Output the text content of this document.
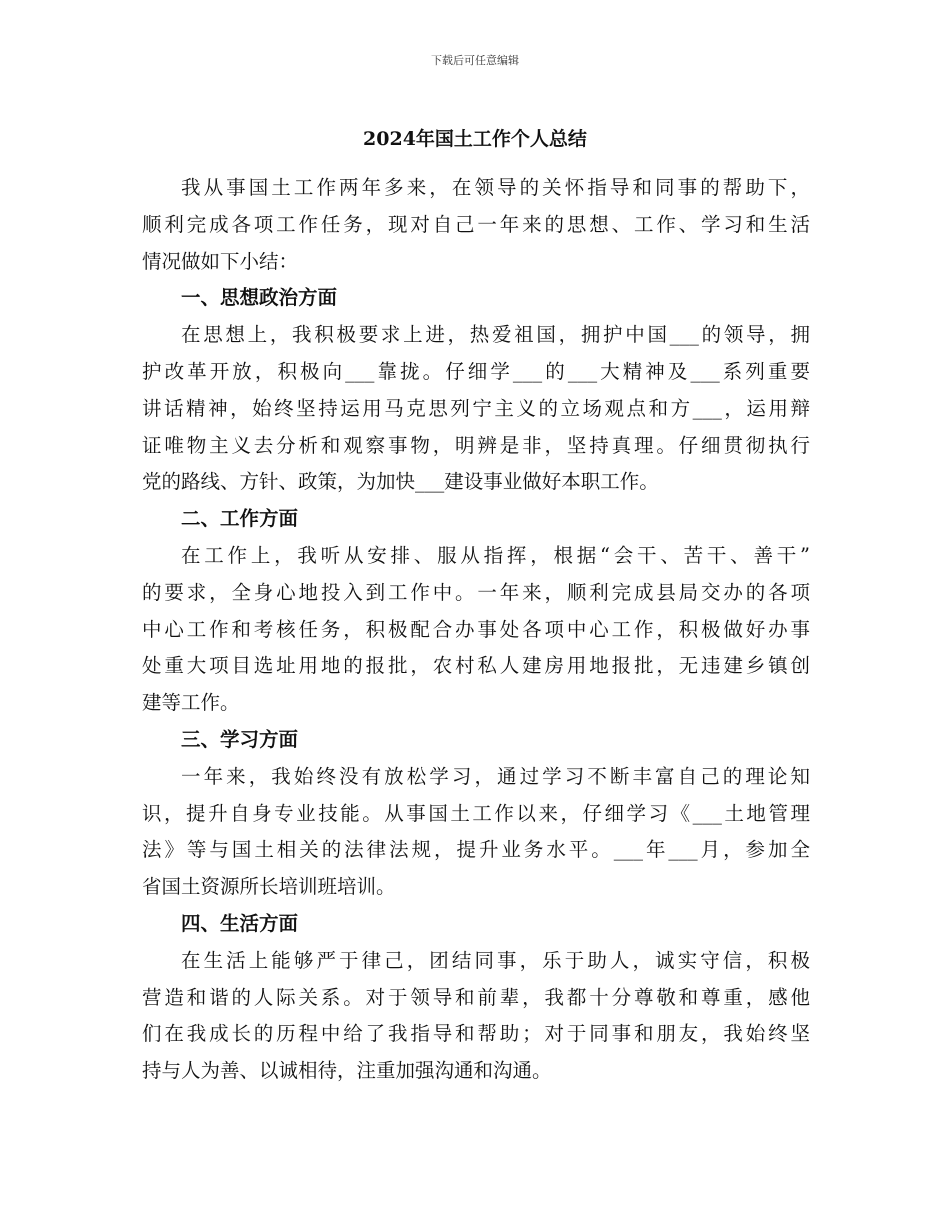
下载后可任意编辑
2024年国土工作个人总结
我从事国土工作两年多来，在领导的关怀指导和同事的帮助下，
顺利完成各项工作任务，现对自己一年来的思想、工作、学习和生活
情况做如下小结：
一、思想政治方面
在思想上，我积极要求上进，热爱祖国，拥护中国___的领导，拥
护改革开放，积极向___靠拢。仔细学___的___大精神及___系列重要
讲话精神，始终坚持运用马克思列宁主义的立场观点和方___，运用辩
证唯物主义去分析和观察事物，明辨是非，坚持真理。仔细贯彻执行
党的路线、方针、政策，为加快___建设事业做好本职工作。
二、工作方面
在工作上，我听从安排、服从指挥，根据“会干、苦干、善干”
的要求，全身心地投入到工作中。一年来，顺利完成县局交办的各项
中心工作和考核任务，积极配合办事处各项中心工作，积极做好办事
处重大项目选址用地的报批，农村私人建房用地报批，无违建乡镇创
建等工作。
三、学习方面
一年来，我始终没有放松学习，通过学习不断丰富自己的理论知
识，提升自身专业技能。从事国土工作以来，仔细学习《___土地管理
法》等与国土相关的法律法规，提升业务水平。___年___月，参加全
省国土资源所长培训班培训。
四、生活方面
在生活上能够严于律己，团结同事，乐于助人，诚实守信，积极
营造和谐的人际关系。对于领导和前辈，我都十分尊敬和尊重，感他
们在我成长的历程中给了我指导和帮助；对于同事和朋友，我始终坚
持与人为善、以诚相待，注重加强沟通和沟通。
